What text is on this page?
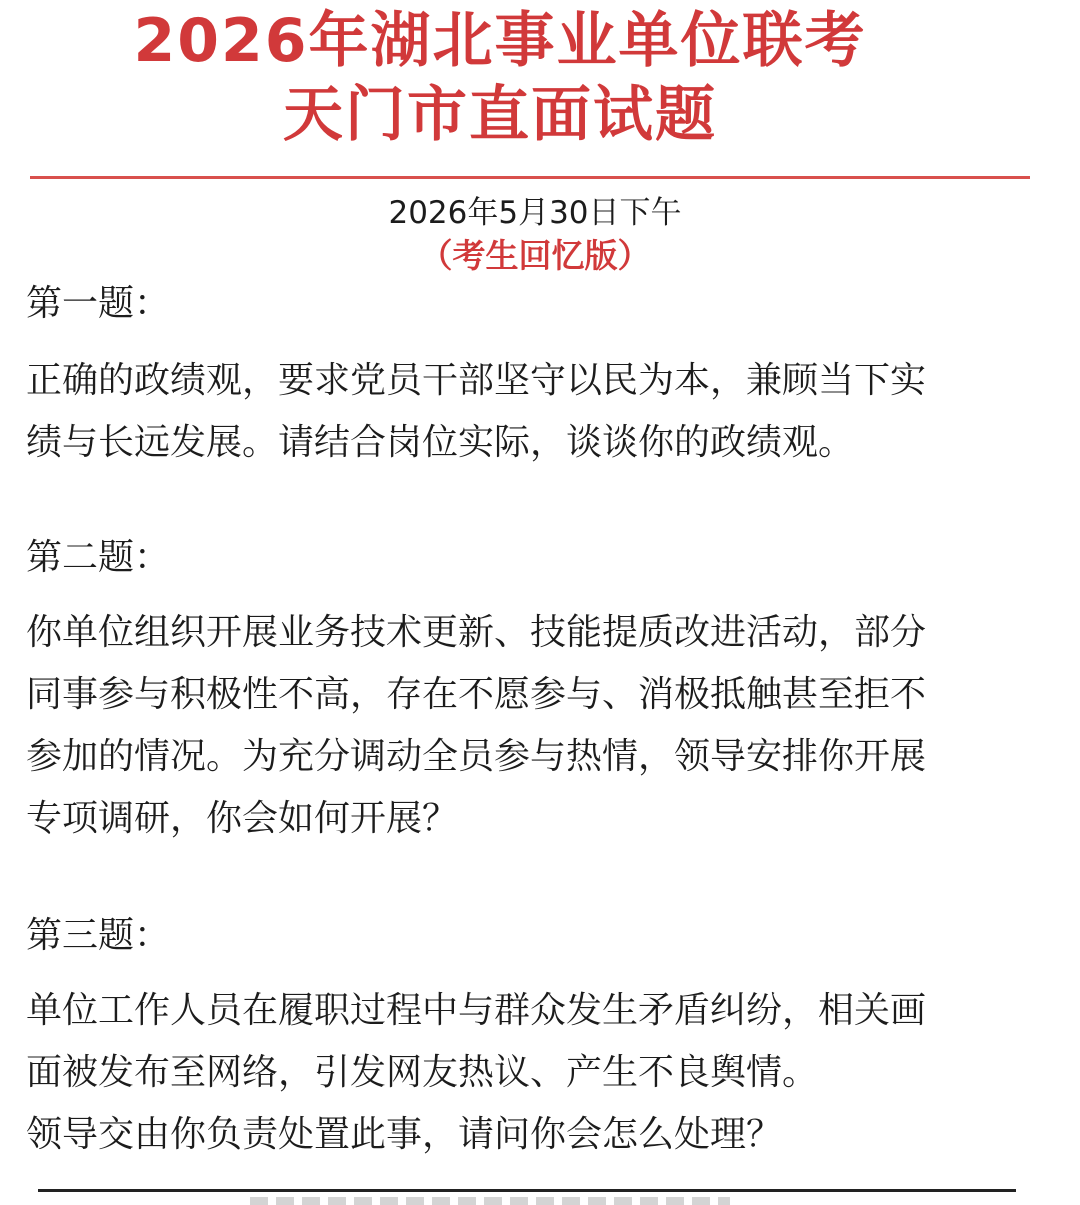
2026年湖北事业单位联考
天门市直面试题
2026年5月30日下午
（考生回忆版）
第一题：
正确的政绩观，要求党员干部坚守以民为本，兼顾当下实
绩与长远发展。请结合岗位实际，谈谈你的政绩观。
第二题：
你单位组织开展业务技术更新、技能提质改进活动，部分
同事参与积极性不高，存在不愿参与、消极抵触甚至拒不
参加的情况。为充分调动全员参与热情，领导安排你开展
专项调研，你会如何开展？
第三题：
单位工作人员在履职过程中与群众发生矛盾纠纷，相关画
面被发布至网络，引发网友热议、产生不良舆情。
领导交由你负责处置此事，请问你会怎么处理？
